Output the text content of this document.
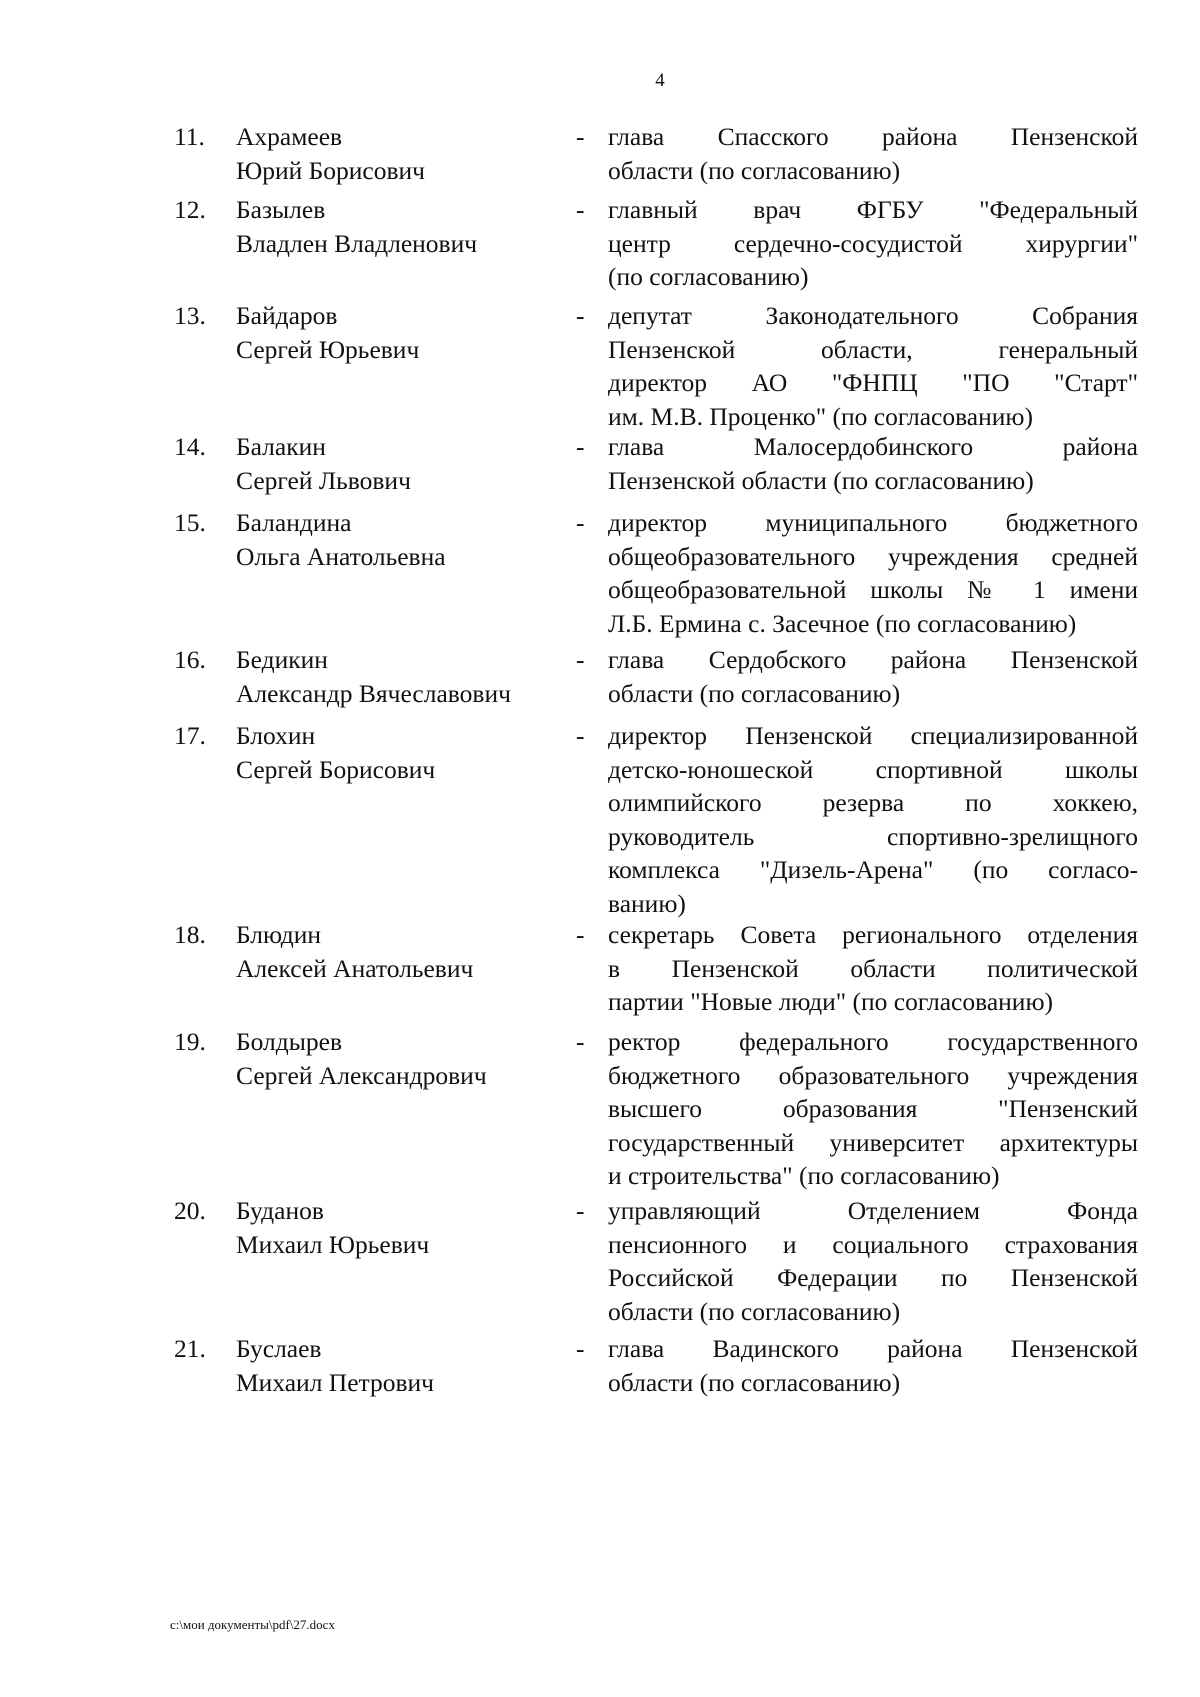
4
11. Ахрамеев
Юрий Борисович
- глава Спасского района Пензенской
области (по согласованию)
12. Базылев
Владлен Владленович
- главный врач ФГБУ "Федеральный
центр сердечно-сосудистой хирургии"
(по согласованию)
13. Байдаров
Сергей Юрьевич
- депутат Законодательного Собрания
Пензенской области, генеральный
директор АО "ФНПЦ "ПО "Старт"
им. М.В. Проценко" (по согласованию)
14. Балакин
Сергей Львович
- глава Малосердобинского района
Пензенской области (по согласованию)
15. Баландина
Ольга Анатольевна
- директор муниципального бюджетного
общеобразовательного учреждения средней
общеобразовательной школы № 1 имени
Л.Б. Ермина с. Засечное (по согласованию)
16. Бедикин
Александр Вячеславович
- глава Сердобского района Пензенской
области (по согласованию)
17. Блохин
Сергей Борисович
- директор Пензенской специализированной
детско-юношеской спортивной школы
олимпийского резерва по хоккею,
руководитель спортивно-зрелищного
комплекса "Дизель-Арена" (по согласо-
ванию)
18. Блюдин
Алексей Анатольевич
- секретарь Совета регионального отделения
в Пензенской области политической
партии "Новые люди" (по согласованию)
19. Болдырев
Сергей Александрович
- ректор федерального государственного
бюджетного образовательного учреждения
высшего образования "Пензенский
государственный университет архитектуры
и строительства" (по согласованию)
20. Буданов
Михаил Юрьевич
- управляющий Отделением Фонда
пенсионного и социального страхования
Российской Федерации по Пензенской
области (по согласованию)
21. Буслаев
Михаил Петрович
- глава Вадинского района Пензенской
области (по согласованию)
c:\мои документы\pdf\27.docx
